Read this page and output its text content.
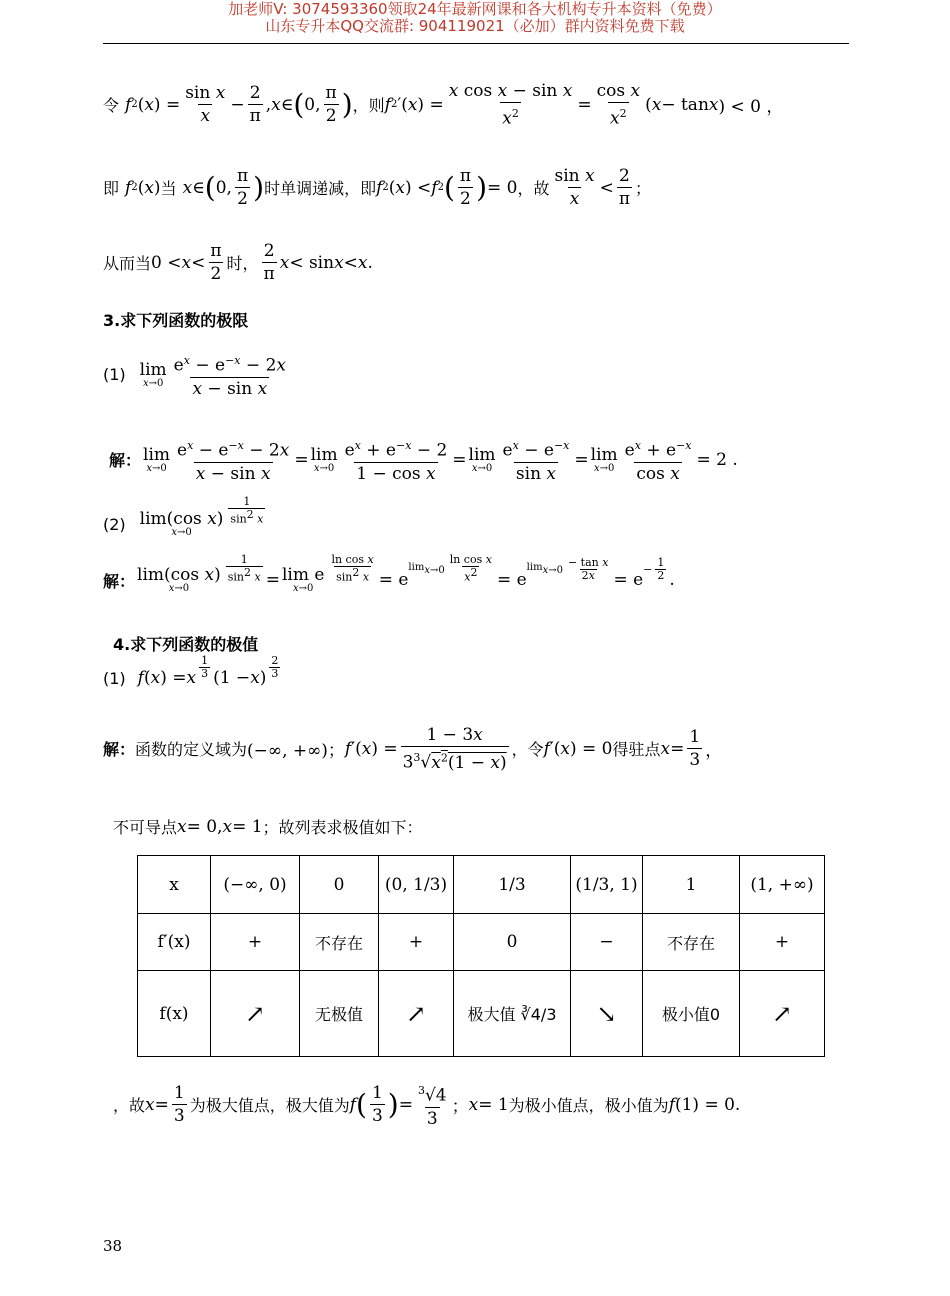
加老师V: 3074593360领取24年最新网课和各大机构专升本资料（免费）
山东专升本QQ交流群: 904119021（必加）群内资料免费下载
令 f 2 ( x ) = $\frac{\text{sin x}}{x} - \frac{2}{\pi}$ , x ∈ ( 0, $\frac{\pi}{2}$ ) ，则 f 2 ′( x ) = $\frac{\text{x cos x − sin x}}{x^2} = \frac{\text{cos x}}{x^2}$ ( x − tan x ) < 0 ，
即 f 2 ( x ) 当 x ∈ ( 0, $\frac{\pi}{2}$ ) 时单调递减，即 f 2 ( x ) < f 2 ( $\frac{\pi}{2}$ ) = 0 ，故 $\frac{\text{sin x}}{x} < \frac{2}{\pi}$ ；
从而当 $0 < x < \frac{\pi}{2}$ 时， $\frac{2}{\pi}$ x < sin x < x .
3.求下列函数的极限
(1) lim
$x\to 0 \frac{e^x - e^{-x} - 2x}{\text{x − sin x}}$
解： lim
$x\to 0 \frac{e^x - e^{-x} - 2x}{\text{x − sin x}} = \lim$
$x\to 0 \frac{e^x + e^{-x} - 2}{\text{1 − cos x}} = \lim$
$x\to 0 \frac{e^x - e^{-x}}{\text{sin x}} = \lim$
$x\to 0 \frac{e^x + e^{-x}}{\text{cos x}} = 2$ .
(2) lim(cos x)
x→0
$\frac{1}{\sin^2 x}$
解： lim(cos x)
x→0
$\frac{1}{\sin^2 x} = \lim e$
x→0
$\frac{\text{ln cos x}}{\sin^2 x} = e$
$\lim_{x\to 0} \frac{\text{ln cos x}}{x^2} = e$
$\lim_{x\to 0} \frac{\text{− tan x}}{2x} = e$
− $\frac{1}{2}$ .
4.求下列函数的极值
(1) f ( x ) = x $\frac{1}{3} (1 - x$ ) $\frac{2}{3}$
解： 函数的定义域为 (−∞, +∞)； f ′( x ) = $\frac{1 - 3x}{3^3√x^2(1 - x)}$ ，令 f ′( x ) = 0 得驻点 $x = \frac{1}{3}$ ，
不可导点 x = 0, x = 1 ；故列表求极值如下：
x	(−∞, 0)	0	(0, 1/3)	1/3	(1/3, 1)	1	(1, +∞)
f′(x)	+	不存在	+	0	−	不存在	+
f(x)	↗	无极值	↗	极大值 ∛4/3	↘	极小值0	↗
，故 $x = \frac{1}{3}$ 为极大值点，极大值为 f ( $\frac{1}{3}$ ) = $\frac{^3√4}{3}$ ； x = 1 为极小值点，极小值为 f (1) = 0.
38
